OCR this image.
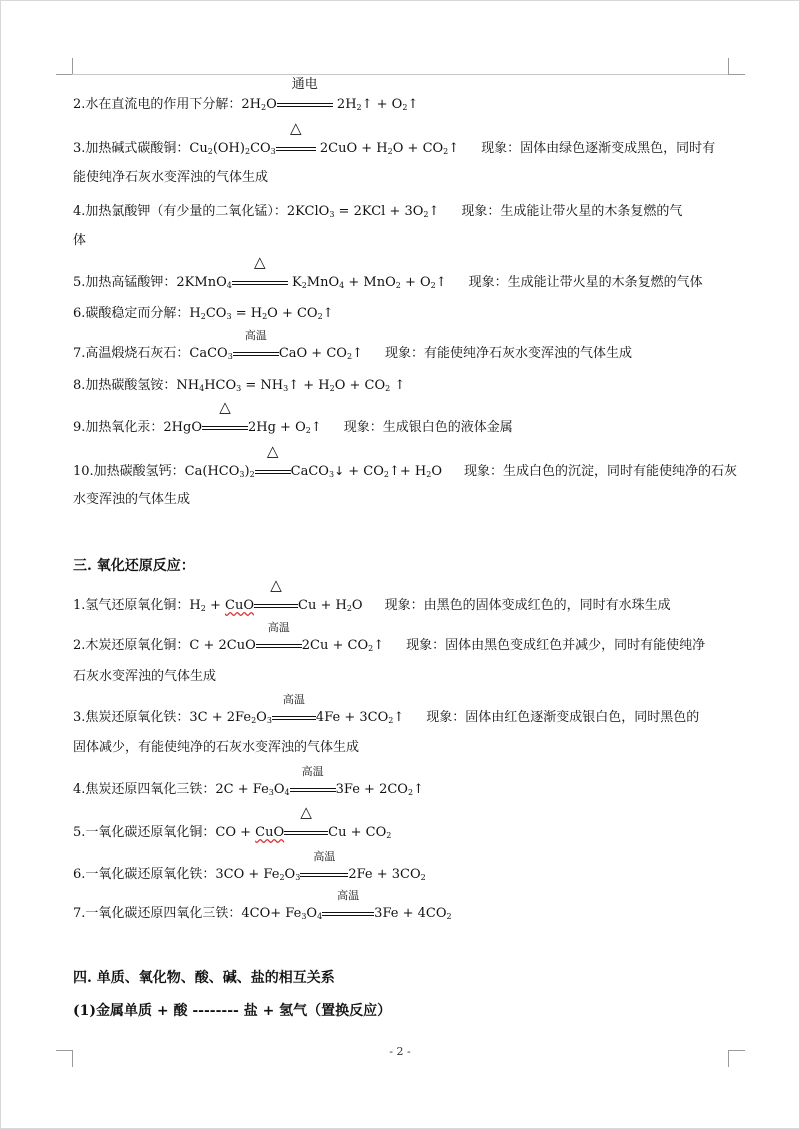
2.水在直流电的作用下分解：$2H_2O$
通电
$2H_2↑$ + $O_2↑$
3.加热碱式碳酸铜：$Cu_2(OH)_2CO_3$
△
$2CuO + H_2O$ + $CO_2↑$ 现象：固体由绿色逐渐变成黑色，同时有
能使纯净石灰水变浑浊的气体生成
4.加热氯酸钾（有少量的二氧化锰）：2KClO$_3$ = $2KCl + 3O_2↑$ 现象：生成能让带火星的木条复燃的气
体
5.加热高锰酸钾：2KMnO$_4$
△
$K_2MnO_4 + MnO_2$ + $O_2↑$ 现象：生成能让带火星的木条复燃的气体
6.碳酸稳定而分解：$H_2CO_3 = H_2O$ + $CO_2↑$
7.高温煅烧石灰石：CaCO$_3$
高温
CaO + $CO_2↑$ 现象：有能使纯净石灰水变浑浊的气体生成
8.加热碳酸氢铵：$NH_4HCO_3$ = $NH_3↑ + H_2O + CO_2$ ↑
9.加热氧化汞：2HgO
△
$2Hg + O_2↑$ 现象：生成银白色的液体金属
10.加热碳酸氢钙：$Ca(HCO_3)_2$
△
CaCO$_3$↓ + $CO_2↑+ H_2O$ 现象：生成白色的沉淀，同时有能使纯净的石灰
水变浑浊的气体生成
三. 氧化还原反应：
1.氢气还原氧化铜：$H_2$ + CuO
△
$Cu + H_2O$ 现象：由黑色的固体变成红色的，同时有水珠生成
2.木炭还原氧化铜：C + 2CuO
高温
$2Cu + CO_2↑$ 现象：固体由黑色变成红色并减少，同时有能使纯净
石灰水变浑浊的气体生成
3.焦炭还原氧化铁：$3C + 2Fe_2O_3$
高温
$4Fe + 3CO_2↑$ 现象：固体由红色逐渐变成银白色，同时黑色的
固体减少，有能使纯净的石灰水变浑浊的气体生成
4.焦炭还原四氧化三铁：$2C + Fe_3O_4$
高温
$3Fe + 2CO_2↑$
5.一氧化碳还原氧化铜：CO + CuO
△
$Cu + CO_2$
6.一氧化碳还原氧化铁：$3CO + Fe_2O_3$
高温
$2Fe + 3CO_2$
7.一氧化碳还原四氧化三铁：$4CO+ Fe_3O_4$
高温
$3Fe + 4CO_2$
四. 单质、氧化物、酸、碱、盐的相互关系
(1)金属单质 + 酸 -------- 盐 + 氢气（置换反应）
- 2 -
